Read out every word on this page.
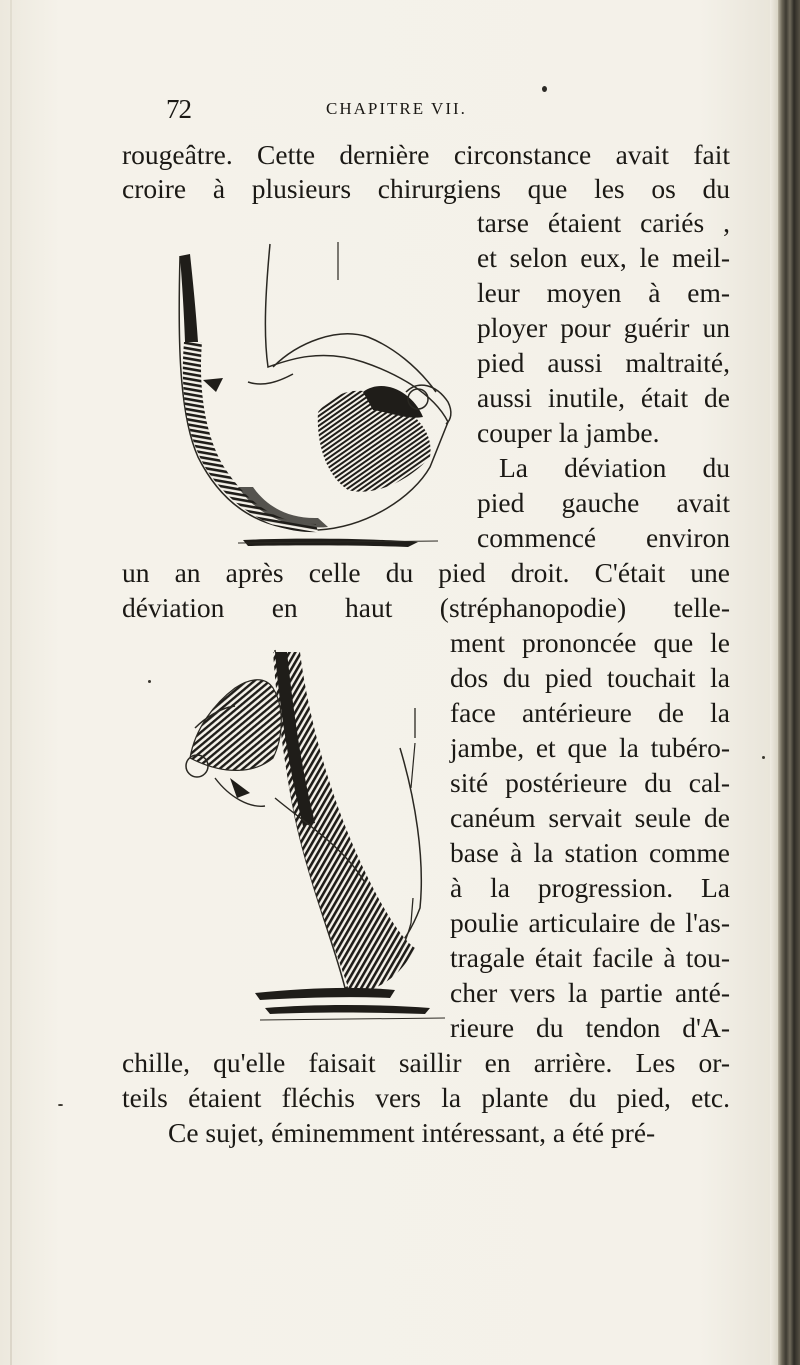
72	CHAPITRE VII.
rougeâtre. Cette dernière circonstance avait fait
croire à plusieurs chirurgiens que les os du
tarse étaient cariés ,
et selon eux, le meil-
leur moyen à em-
ployer pour guérir un
pied aussi maltraité,
aussi inutile, était de
couper la jambe.
La déviation du
pied gauche avait
commencé environ
un an après celle du pied droit. C'était une
déviation en haut (stréphanopodie) telle-
ment prononcée que le
dos du pied touchait la
face antérieure de la
jambe, et que la tubéro-
sité postérieure du cal-
canéum servait seule de
base à la station comme
à la progression. La
poulie articulaire de l'as-
tragale était facile à tou-
cher vers la partie anté-
rieure du tendon d'A-
chille, qu'elle faisait saillir en arrière. Les or-
teils étaient fléchis vers la plante du pied, etc.
Ce sujet, éminemment intéressant, a été pré-
